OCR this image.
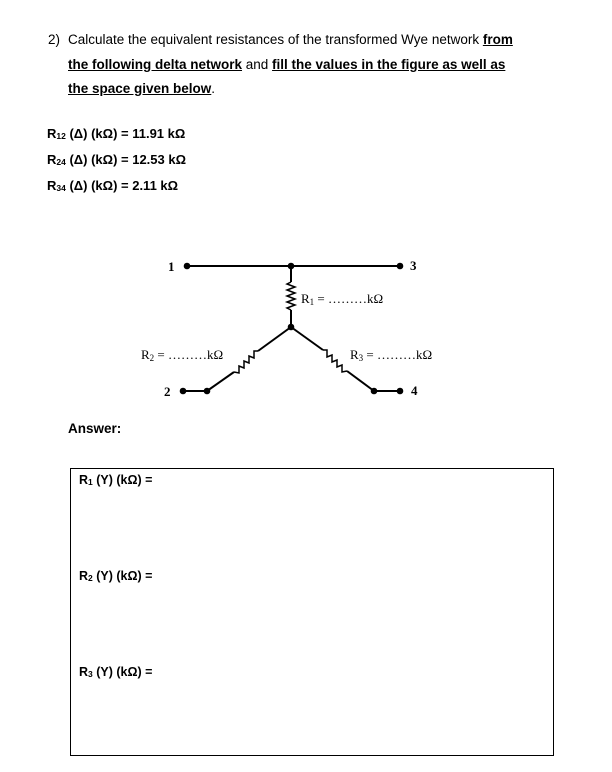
2) Calculate the equivalent resistances of the transformed Wye network from
the following delta network and fill the values in the figure as well as
the space given below.
$R_{12}$ (Δ) (kΩ) = 11.91 kΩ
$R_{24}$ (Δ) (kΩ) = 12.53 kΩ
$R_{34}$ (Δ) (kΩ) = 2.11 kΩ
1	3
2	4
R1 = ………kΩ
R2 = ………kΩ	R3 = ………kΩ
Answer:
$R_1$ (Y) (kΩ) =
$R_2$ (Y) (kΩ) =
$R_3$ (Y) (kΩ) =
